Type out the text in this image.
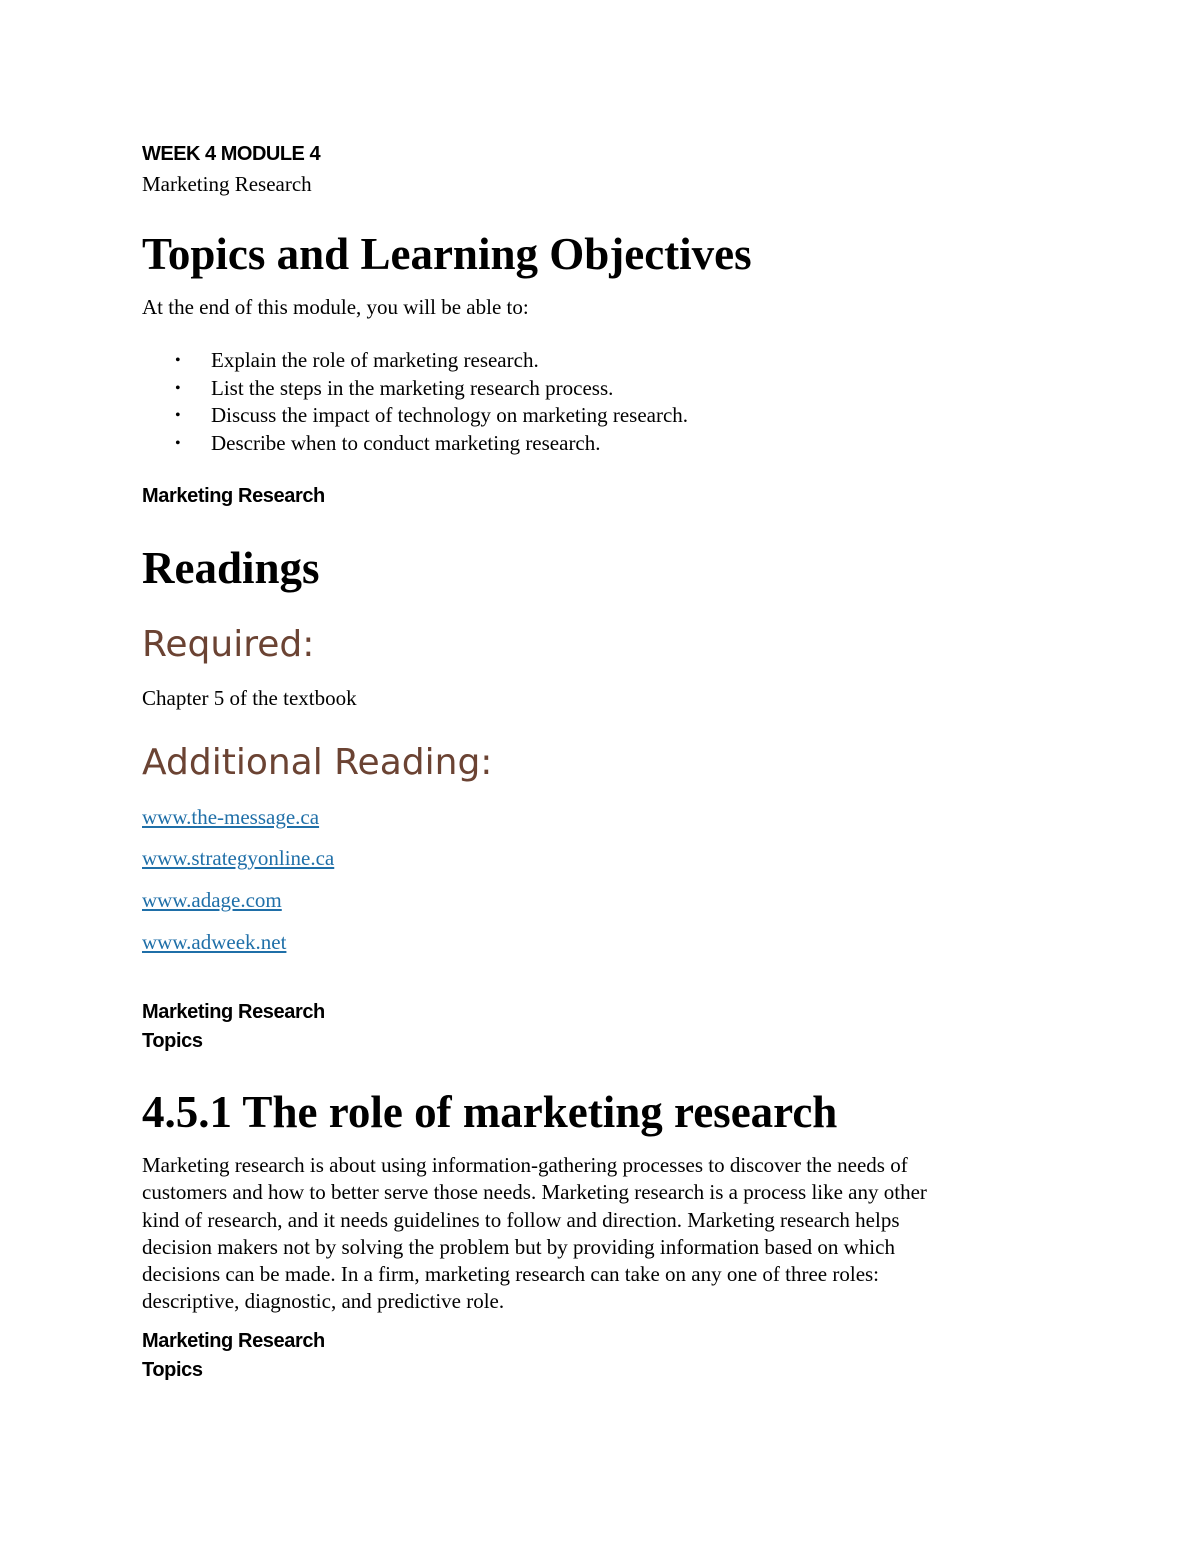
WEEK 4 MODULE 4
Marketing Research
Topics and Learning Objectives
At the end of this module, you will be able to:
• Explain the role of marketing research.
• List the steps in the marketing research process.
• Discuss the impact of technology on marketing research.
• Describe when to conduct marketing research.
Marketing Research
Readings
Required:
Chapter 5 of the textbook
Additional Reading:
www.the-message.ca
www.strategyonline.ca
www.adage.com
www.adweek.net
Marketing Research
Topics
4.5.1 The role of marketing research
Marketing research is about using information-gathering processes to discover the needs of
customers and how to better serve those needs. Marketing research is a process like any other
kind of research, and it needs guidelines to follow and direction. Marketing research helps
decision makers not by solving the problem but by providing information based on which
decisions can be made. In a firm, marketing research can take on any one of three roles:
descriptive, diagnostic, and predictive role.
Marketing Research
Topics
